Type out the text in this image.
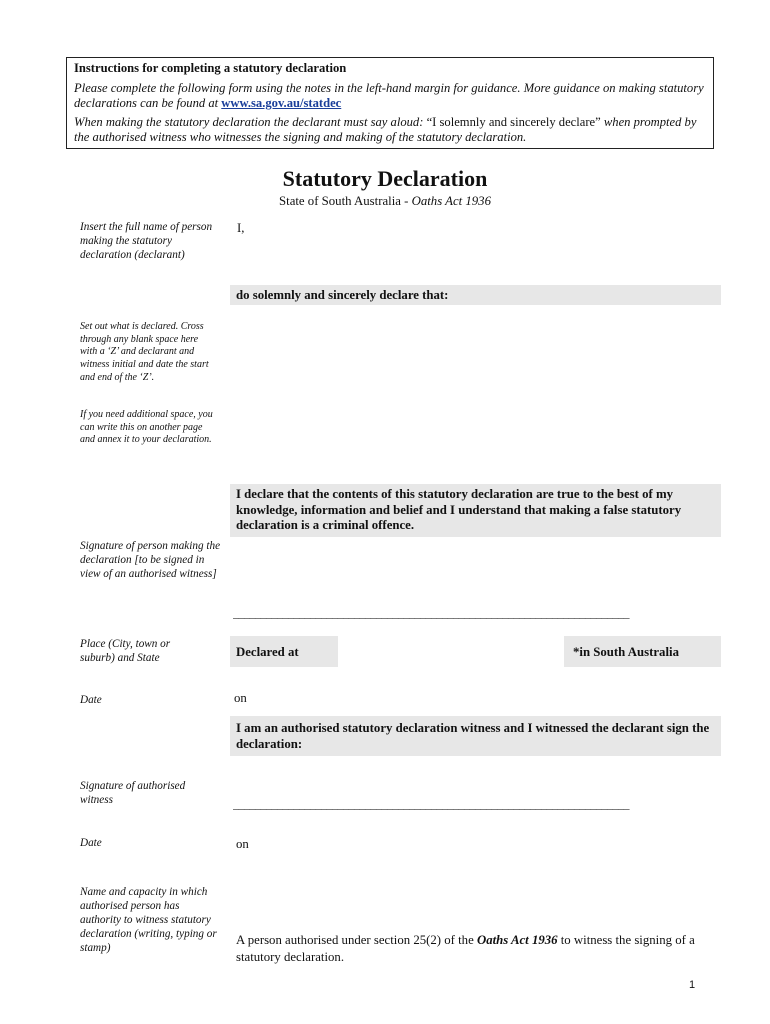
Instructions for completing a statutory declaration
Please complete the following form using the notes in the left-hand margin for guidance. More guidance on making statutory declarations can be found at www.sa.gov.au/statdec
When making the statutory declaration the declarant must say aloud: “I solemnly and sincerely declare” when prompted by the authorised witness who witnesses the signing and making of the statutory declaration.
Statutory Declaration
State of South Australia - Oaths Act 1936
Insert the full name of person making the statutory declaration (declarant)
Set out what is declared. Cross through any blank space here with a ‘Z’ and declarant and witness initial and date the start and end of the ‘Z’.
If you need additional space, you can write this on another page and annex it to your declaration.
Signature of person making the declaration [to be signed in view of an authorised witness]
Place (City, town or suburb) and State
Date
Signature of authorised witness
Date
Name and capacity in which authorised person has authority to witness statutory declaration (writing, typing or stamp)
I,
do solemnly and sincerely declare that:
I declare that the contents of this statutory declaration are true to the best of my knowledge, information and belief and I understand that making a false statutory declaration is a criminal offence.
________________________________________________________________________
Declared at	*in South Australia
on
I am an authorised statutory declaration witness and I witnessed the declarant sign the declaration:
________________________________________________________________________
on
A person authorised under section 25(2) of the Oaths Act 1936 to witness the signing of a statutory declaration.
1
